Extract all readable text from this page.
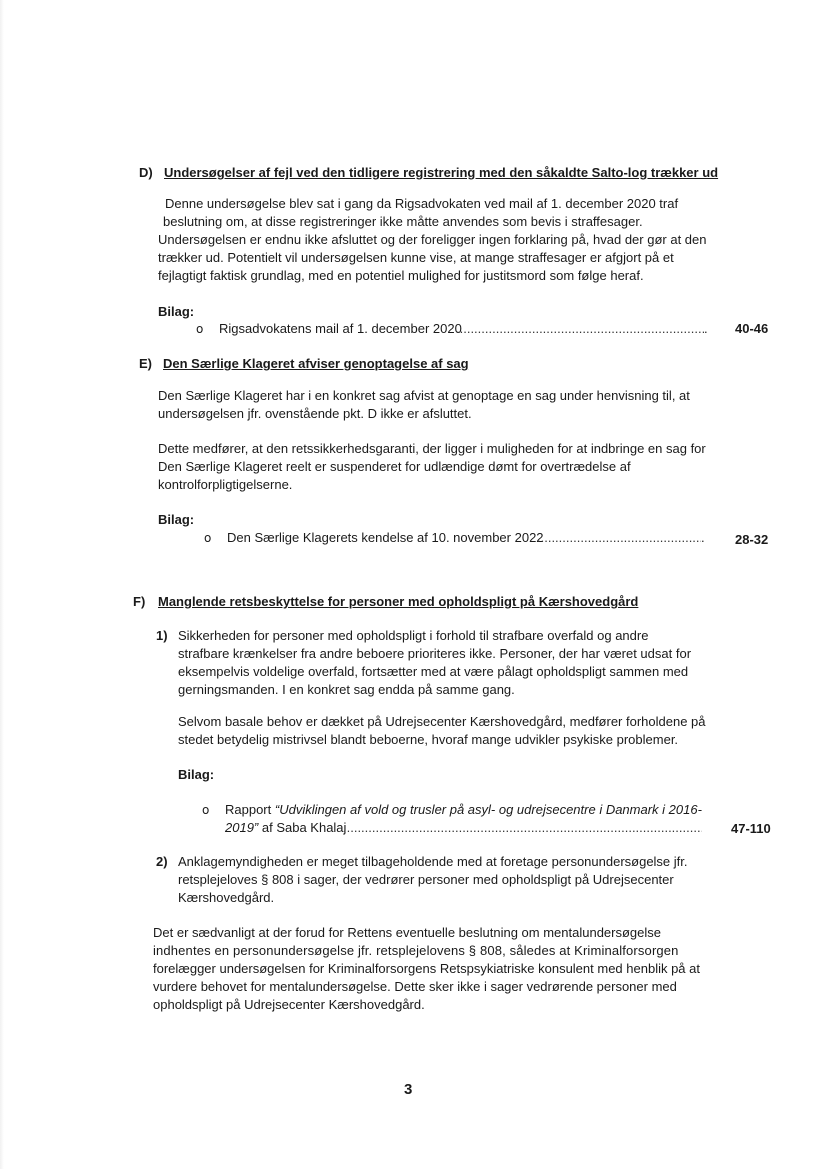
D) Undersøgelser af fejl ved den tidligere registrering med den såkaldte Salto-log trækker ud
Denne undersøgelse blev sat i gang da Rigsadvokaten ved mail af 1. december 2020 traf
beslutning om, at disse registreringer ikke måtte anvendes som bevis i straffesager.
Undersøgelsen er endnu ikke afsluttet og der foreligger ingen forklaring på, hvad der gør at den
trækker ud. Potentielt vil undersøgelsen kunne vise, at mange straffesager er afgjort på et
fejlagtigt faktisk grundlag, med en potentiel mulighed for justitsmord som følge heraf.
Bilag:
o Rigsadvokatens mail af 1. december 2020 .....	. 40-46
E) Den Særlige Klageret afviser genoptagelse af sag
Den Særlige Klageret har i en konkret sag afvist at genoptage en sag under henvisning til, at
undersøgelsen jfr. ovenstående pkt. D ikke er afsluttet.
Dette medfører, at den retssikkerhedsgaranti, der ligger i muligheden for at indbringe en sag for
Den Særlige Klageret reelt er suspenderet for udlændige dømt for overtrædelse af
kontrolforpligtigelserne.
Bilag:
o Den Særlige Klagerets kendelse af 10. november 2022 .....	. 28-32
F) Manglende retsbeskyttelse for personer med opholdspligt på Kærshovedgård
1) Sikkerheden for personer med opholdspligt i forhold til strafbare overfald og andre
strafbare krænkelser fra andre beboere prioriteres ikke. Personer, der har været udsat for
eksempelvis voldelige overfald, fortsætter med at være pålagt opholdspligt sammen med
gerningsmanden. I en konkret sag endda på samme gang.
Selvom basale behov er dækket på Udrejsecenter Kærshovedgård, medfører forholdene på
stedet betydelig mistrivsel blandt beboerne, hvoraf mange udvikler psykiske problemer.
Bilag:
o Rapport “Udviklingen af vold og trusler på asyl- og udrejsecentre i Danmark i 2016-
2019” af Saba Khalaj .....	47-110
2) Anklagemyndigheden er meget tilbageholdende med at foretage personundersøgelse jfr.
retsplejeloves § 808 i sager, der vedrører personer med opholdspligt på Udrejsecenter
Kærshovedgård.
Det er sædvanligt at der forud for Rettens eventuelle beslutning om mentalundersøgelse
indhentes en personundersøgelse jfr. retsplejelovens § 808, således at Kriminalforsorgen
forelægger undersøgelsen for Kriminalforsorgens Retspsykiatriske konsulent med henblik på at
vurdere behovet for mentalundersøgelse. Dette sker ikke i sager vedrørende personer med
opholdspligt på Udrejsecenter Kærshovedgård.
3
